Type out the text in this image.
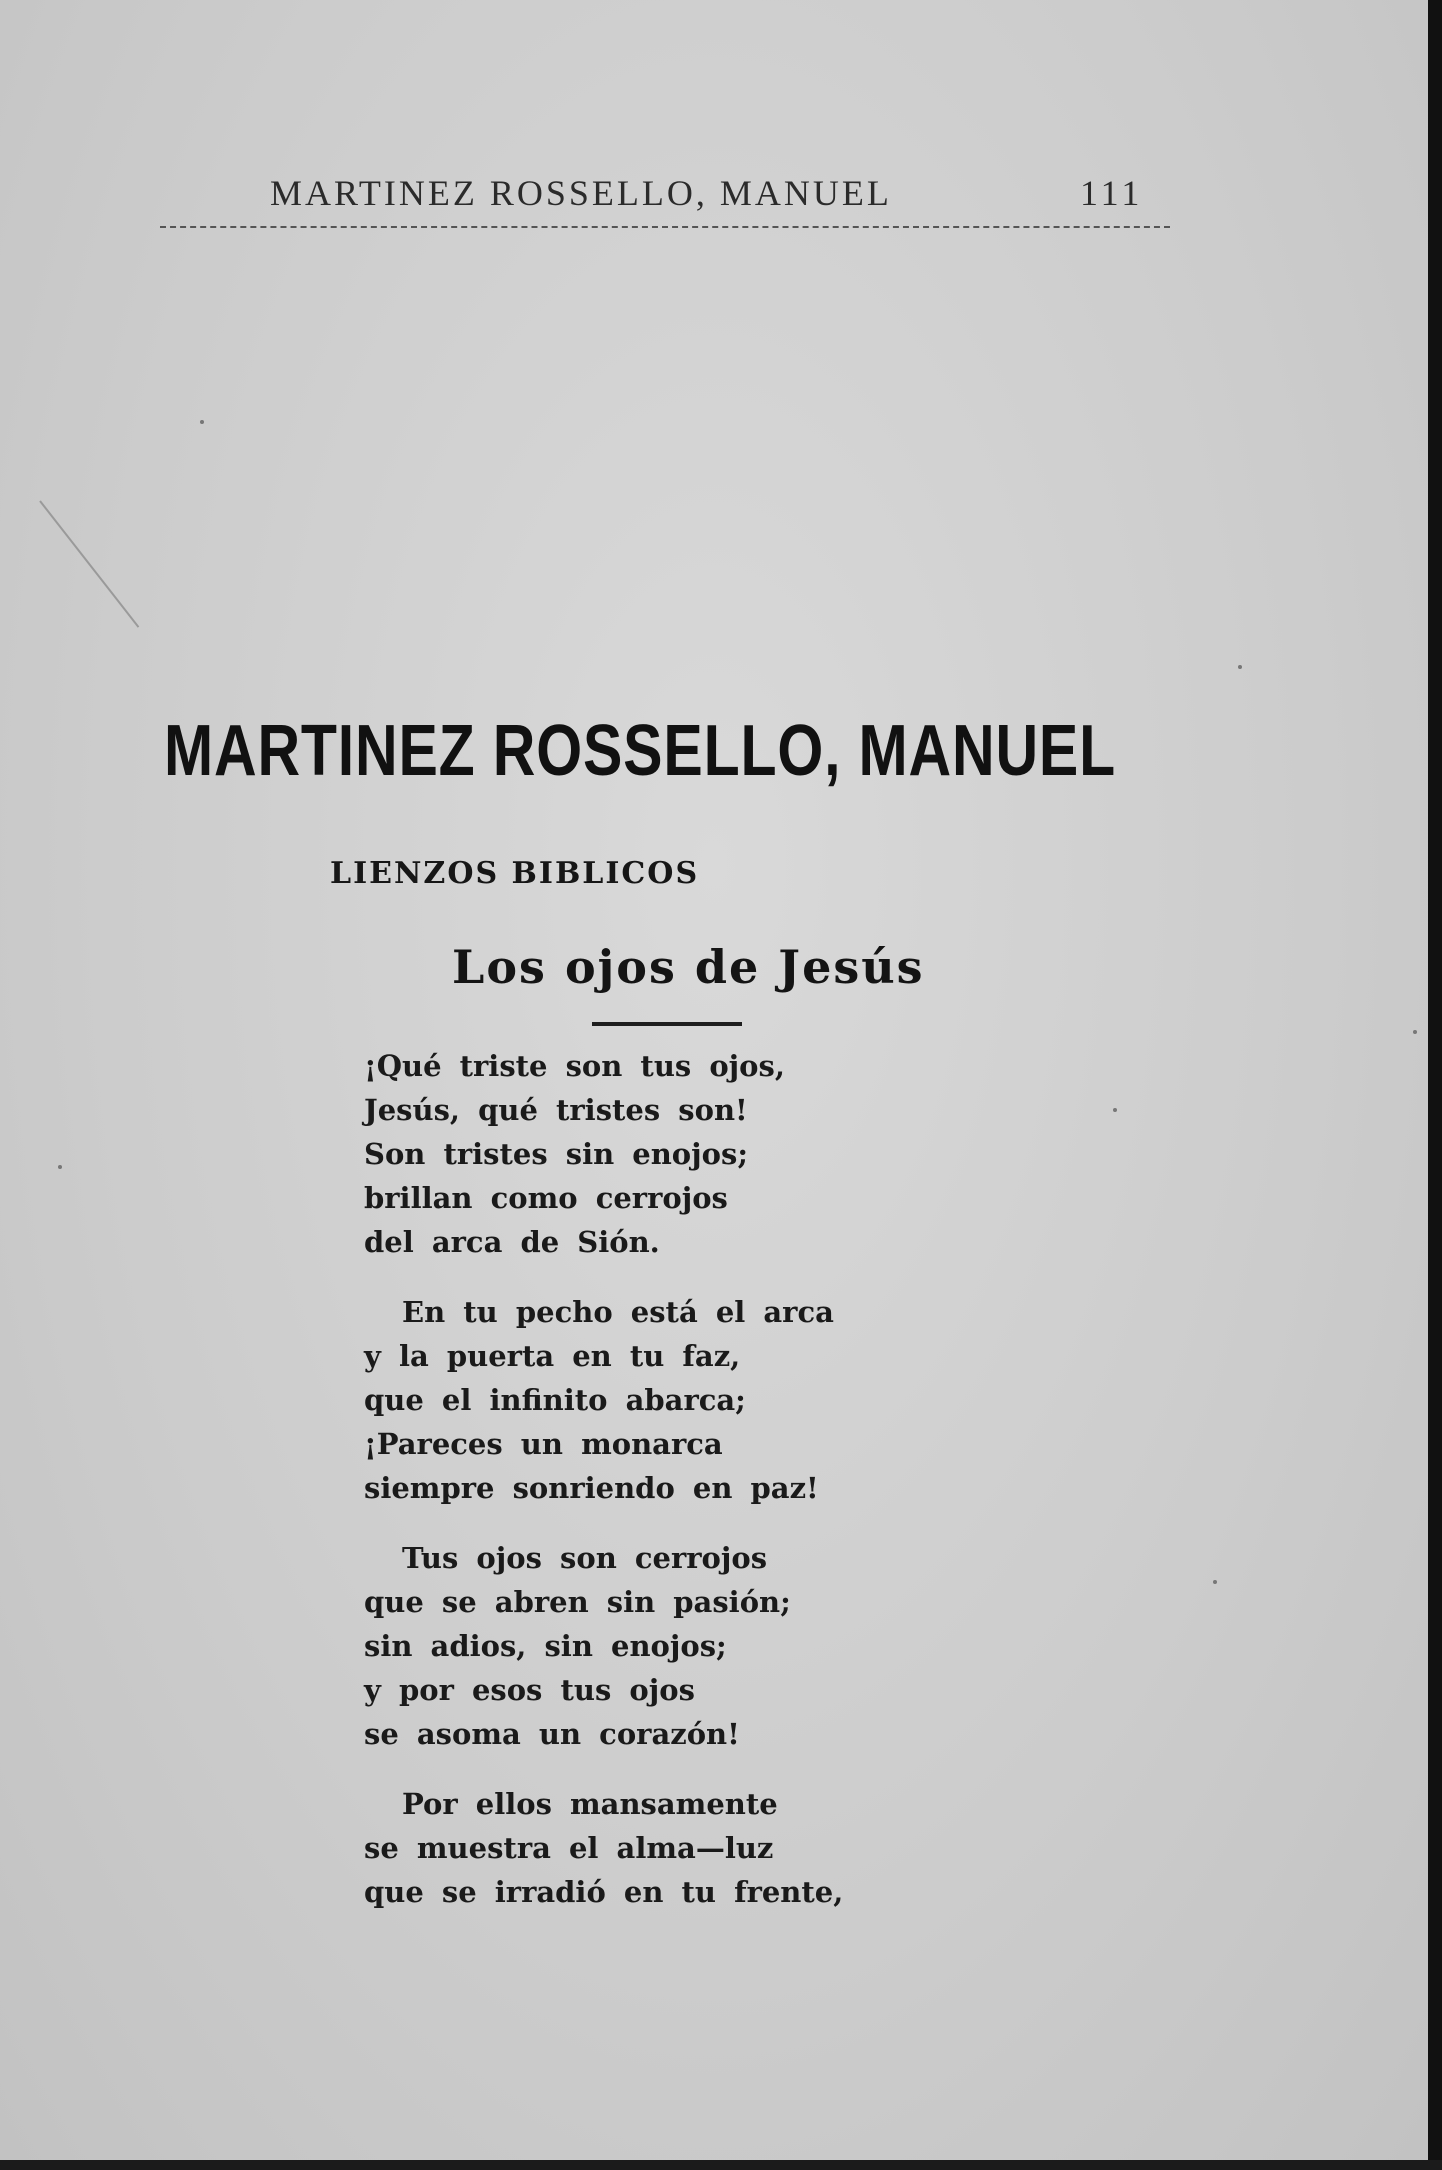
MARTINEZ ROSSELLO, MANUEL	111
MARTINEZ ROSSELLO, MANUEL
LIENZOS BIBLICOS
Los ojos de Jesús
¡Qué triste son tus ojos,
Jesús, qué tristes son!
Son tristes sin enojos;
brillan como cerrojos
del arca de Sión.
En tu pecho está el arca
y la puerta en tu faz,
que el infinito abarca;
¡Pareces un monarca
siempre sonriendo en paz!
Tus ojos son cerrojos
que se abren sin pasión;
sin adios, sin enojos;
y por esos tus ojos
se asoma un corazón!
Por ellos mansamente
se muestra el alma—luz
que se irradió en tu frente,
